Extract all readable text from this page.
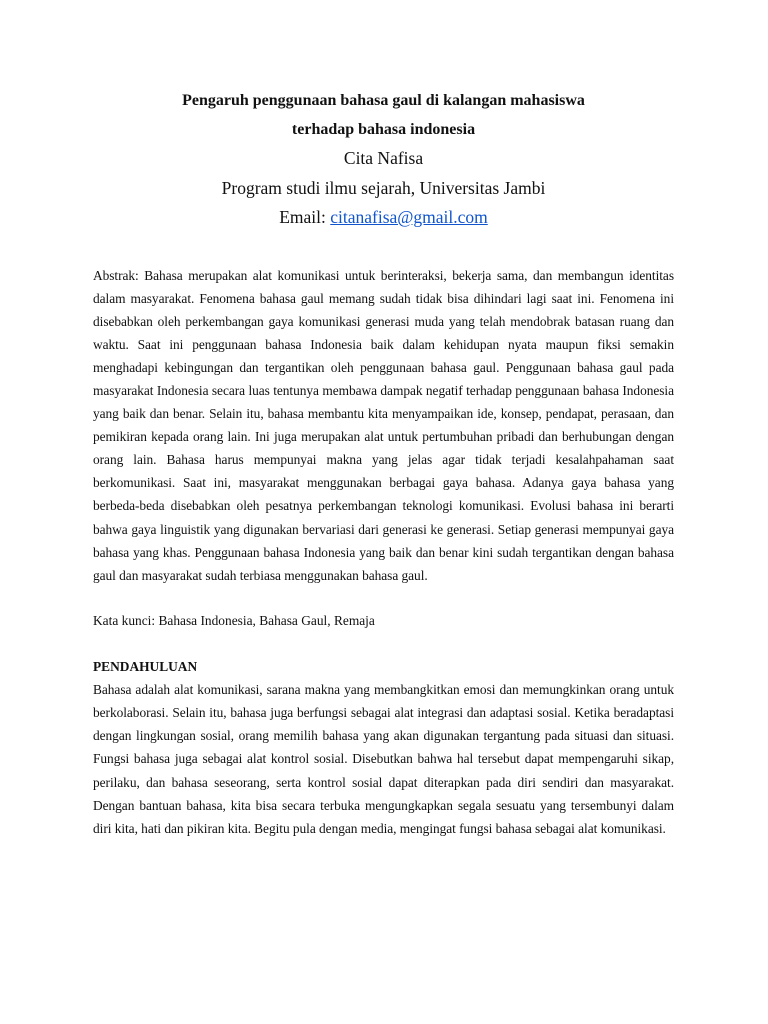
Pengaruh penggunaan bahasa gaul di kalangan mahasiswa

terhadap bahasa indonesia

Cita Nafisa

Program studi ilmu sejarah, Universitas Jambi

Email: citanafisa@gmail.com

Abstrak: Bahasa merupakan alat komunikasi untuk berinteraksi, bekerja sama, dan membangun identitas dalam masyarakat. Fenomena bahasa gaul memang sudah tidak bisa dihindari lagi saat ini. Fenomena ini disebabkan oleh perkembangan gaya komunikasi generasi muda yang telah mendobrak batasan ruang dan waktu. Saat ini penggunaan bahasa Indonesia baik dalam kehidupan nyata maupun fiksi semakin menghadapi kebingungan dan tergantikan oleh penggunaan bahasa gaul. Penggunaan bahasa gaul pada masyarakat Indonesia secara luas tentunya membawa dampak negatif terhadap penggunaan bahasa Indonesia yang baik dan benar. Selain itu, bahasa membantu kita menyampaikan ide, konsep, pendapat, perasaan, dan pemikiran kepada orang lain. Ini juga merupakan alat untuk pertumbuhan pribadi dan berhubungan dengan orang lain. Bahasa harus mempunyai makna yang jelas agar tidak terjadi kesalahpahaman saat berkomunikasi. Saat ini, masyarakat menggunakan berbagai gaya bahasa. Adanya gaya bahasa yang berbeda-beda disebabkan oleh pesatnya perkembangan teknologi komunikasi. Evolusi bahasa ini berarti bahwa gaya linguistik yang digunakan bervariasi dari generasi ke generasi. Setiap generasi mempunyai gaya bahasa yang khas. Penggunaan bahasa Indonesia yang baik dan benar kini sudah tergantikan dengan bahasa gaul dan masyarakat sudah terbiasa menggunakan bahasa gaul.

Kata kunci: Bahasa Indonesia, Bahasa Gaul, Remaja

PENDAHULUAN

Bahasa adalah alat komunikasi, sarana makna yang membangkitkan emosi dan memungkinkan orang untuk berkolaborasi. Selain itu, bahasa juga berfungsi sebagai alat integrasi dan adaptasi sosial. Ketika beradaptasi dengan lingkungan sosial, orang memilih bahasa yang akan digunakan tergantung pada situasi dan situasi. Fungsi bahasa juga sebagai alat kontrol sosial. Disebutkan bahwa hal tersebut dapat mempengaruhi sikap, perilaku, dan bahasa seseorang, serta kontrol sosial dapat diterapkan pada diri sendiri dan masyarakat. Dengan bantuan bahasa, kita bisa secara terbuka mengungkapkan segala sesuatu yang tersembunyi dalam diri kita, hati dan pikiran kita. Begitu pula dengan media, mengingat fungsi bahasa sebagai alat komunikasi.
